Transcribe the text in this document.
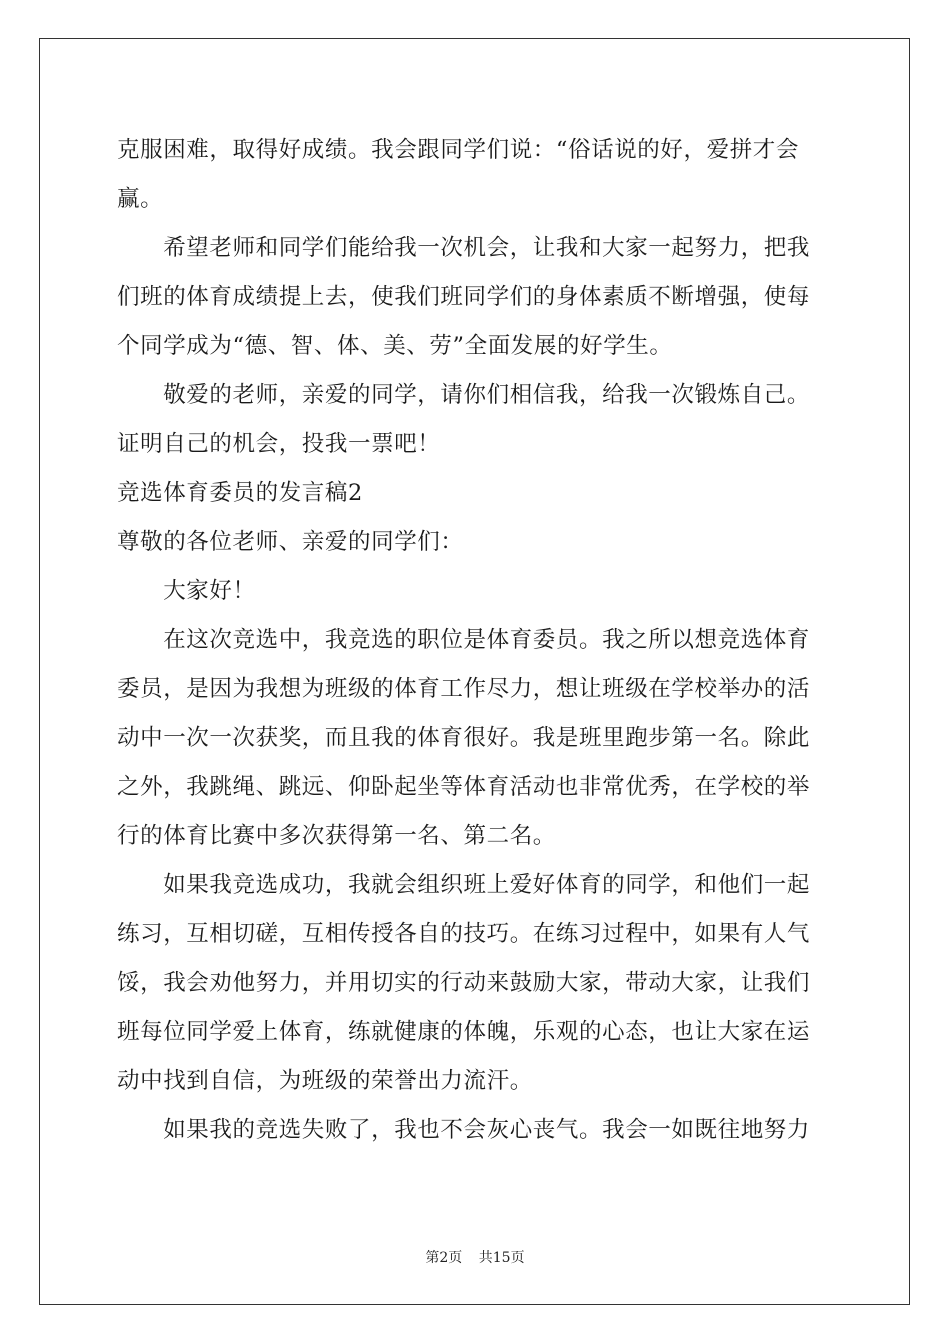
克服困难，取得好成绩。我会跟同学们说：“俗话说的好，爱拼才会
赢。
　　希望老师和同学们能给我一次机会，让我和大家一起努力，把我
们班的体育成绩提上去，使我们班同学们的身体素质不断增强，使每
个同学成为“德、智、体、美、劳”全面发展的好学生。
　　敬爱的老师，亲爱的同学，请你们相信我，给我一次锻炼自己。
证明自己的机会，投我一票吧！
竞选体育委员的发言稿2
尊敬的各位老师、亲爱的同学们：
　　大家好！
　　在这次竞选中，我竞选的职位是体育委员。我之所以想竞选体育
委员，是因为我想为班级的体育工作尽力，想让班级在学校举办的活
动中一次一次获奖，而且我的体育很好。我是班里跑步第一名。除此
之外，我跳绳、跳远、仰卧起坐等体育活动也非常优秀，在学校的举
行的体育比赛中多次获得第一名、第二名。
　　如果我竞选成功，我就会组织班上爱好体育的同学，和他们一起
练习，互相切磋，互相传授各自的技巧。在练习过程中，如果有人气
馁，我会劝他努力，并用切实的行动来鼓励大家，带动大家，让我们
班每位同学爱上体育，练就健康的体魄，乐观的心态，也让大家在运
动中找到自信，为班级的荣誉出力流汗。
　　如果我的竞选失败了，我也不会灰心丧气。我会一如既往地努力
第2页 共15页
